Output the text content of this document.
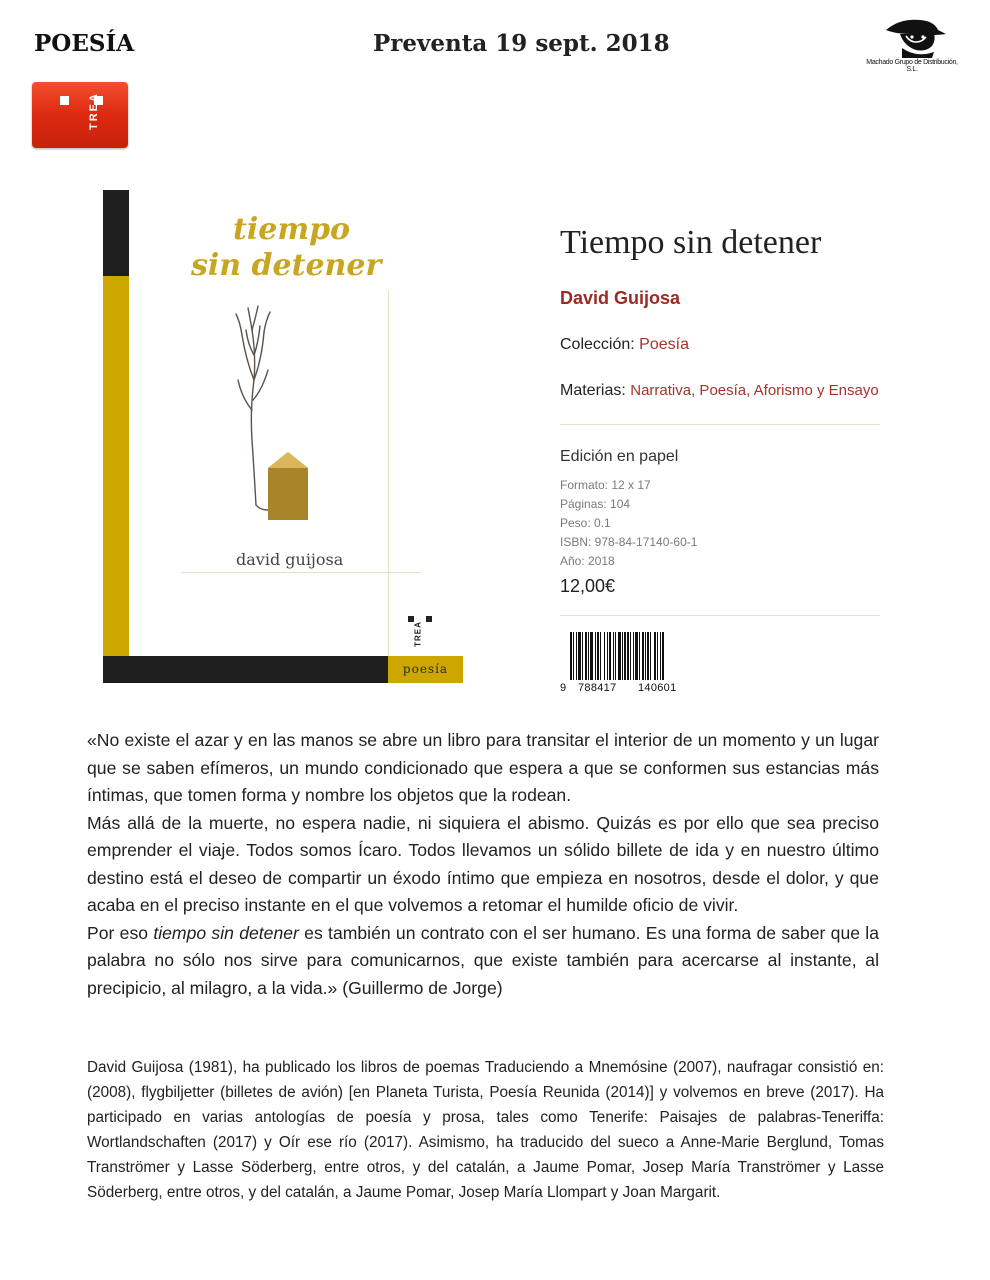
POESÍA	Preventa 19 sept. 2018
TREA
Machado Grupo de Distribución, S.L.
poesía
tiempo
sin detener
david guijosa
TREA
Tiempo sin detener
David Guijosa
Colección: Poesía
Materias: Narrativa, Poesía, Aforismo y Ensayo
Edición en papel
Formato: 12 x 17
Páginas: 104
Peso: 0.1
ISBN: 978-84-17140-60-1
Año: 2018
12,00€
9 788417 140601

«No existe el azar y en las manos se abre un libro para transitar el interior de un momento y un lugar que se saben efímeros, un mundo condicionado que espera a que se conformen sus estancias más íntimas, que tomen forma y nombre los objetos que la rodean.

Más allá de la muerte, no espera nadie, ni siquiera el abismo. Quizás es por ello que sea preciso emprender el viaje. Todos somos Ícaro. Todos llevamos un sólido billete de ida y en nuestro último destino está el deseo de compartir un éxodo íntimo que empieza en nosotros, desde el dolor, y que acaba en el preciso instante en el que volvemos a retomar el humilde oficio de vivir.

Por eso tiempo sin detener es también un contrato con el ser humano. Es una forma de saber que la palabra no sólo nos sirve para comunicarnos, que existe también para acercarse al instante, al precipicio, al milagro, a la vida.» (Guillermo de Jorge)

David Guijosa (1981), ha publicado los libros de poemas Traduciendo a Mnemósine (2007), naufragar consistió en: (2008), flygbiljetter (billetes de avión) [en Planeta Turista, Poesía Reunida (2014)] y volvemos en breve (2017). Ha participado en varias antologías de poesía y prosa, tales como Tenerife: Paisajes de palabras-Teneriffa: Wortlandschaften (2017) y Oír ese río (2017). Asimismo, ha traducido del sueco a Anne-Marie Berglund, Tomas Tranströmer y Lasse Söderberg, entre otros, y del catalán, a Jaume Pomar, Josep María Tranströmer y Lasse Söderberg, entre otros, y del catalán, a Jaume Pomar, Josep María Llompart y Joan Margarit.
